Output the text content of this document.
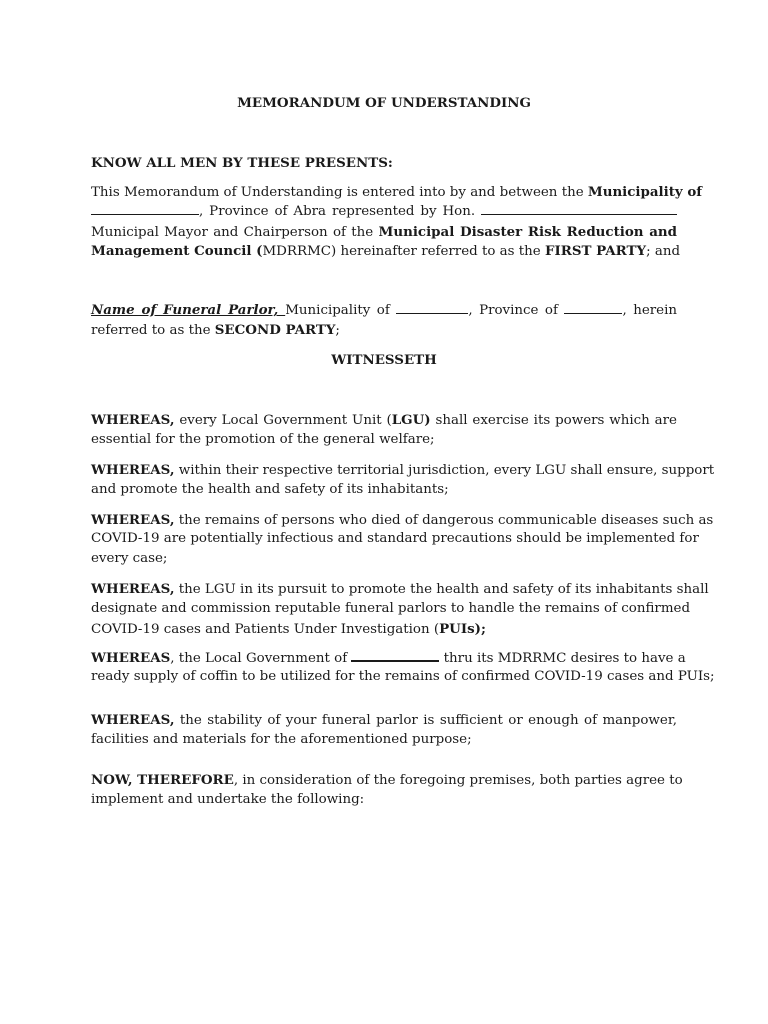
MEMORANDUM OF UNDERSTANDING
KNOW ALL MEN BY THESE PRESENTS:
This Memorandum of Understanding is entered into by and between the Municipality of
, Province of Abra represented by Hon.
Municipal Mayor and Chairperson of the Municipal Disaster Risk Reduction and
Management Council (MDRRMC) hereinafter referred to as the FIRST PARTY; and
Name of Funeral Parlor, Municipality of	, Province of	, herein
referred to as the SECOND PARTY;
WITNESSETH
WHEREAS, every Local Government Unit (LGU) shall exercise its powers which are
essential for the promotion of the general welfare;
WHEREAS, within their respective territorial jurisdiction, every LGU shall ensure, support
and promote the health and safety of its inhabitants;
WHEREAS, the remains of persons who died of dangerous communicable diseases such as
COVID-19 are potentially infectious and standard precautions should be implemented for
every case;
WHEREAS, the LGU in its pursuit to promote the health and safety of its inhabitants shall
designate and commission reputable funeral parlors to handle the remains of confirmed
COVID-19 cases and Patients Under Investigation (PUIs);
WHEREAS, the Local Government of	thru its MDRRMC desires to have a
ready supply of coffin to be utilized for the remains of confirmed COVID-19 cases and PUIs;
WHEREAS, the stability of your funeral parlor is sufficient or enough of manpower,
facilities and materials for the aforementioned purpose;
NOW, THEREFORE, in consideration of the foregoing premises, both parties agree to
implement and undertake the following:
